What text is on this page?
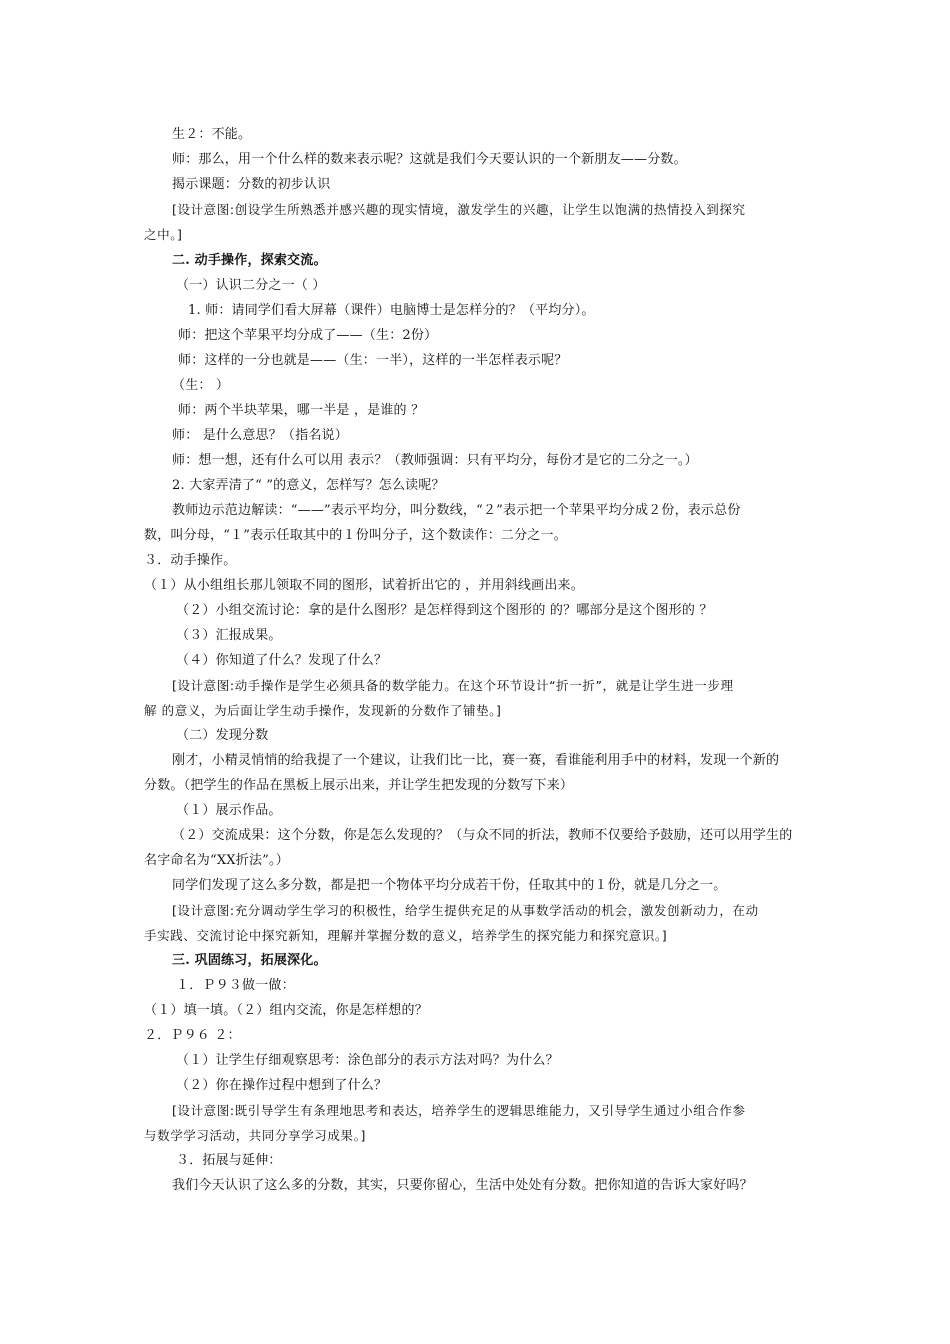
生２：不能。
师：那么，用一个什么样的数来表示呢？这就是我们今天要认识的一个新朋友——分数。
揭示课题：分数的初步认识
[设计意图:创设学生所熟悉并感兴趣的现实情境，激发学生的兴趣，让学生以饱满的热情投入到探究
之中。]
二. 动手操作，探索交流。
（一）认识二分之一（ ）
1. 师：请同学们看大屏幕（课件）电脑博士是怎样分的？（平均分）。
师：把这个苹果平均分成了——（生：2份）
师：这样的一分也就是——（生：一半），这样的一半怎样表示呢？
（生： ）
师：两个半块苹果，哪一半是 ，是谁的 ？
师： 是什么意思？（指名说）
师：想一想，还有什么可以用 表示？（教师强调：只有平均分，每份才是它的二分之一。）
2. 大家弄清了“ ”的意义，怎样写？怎么读呢？
教师边示范边解读：“——”表示平均分，叫分数线，“２”表示把一个苹果平均分成２份，表示总份
数，叫分母，“１”表示任取其中的１份叫分子，这个数读作：二分之一。
３．动手操作。
（１）从小组组长那儿领取不同的图形，试着折出它的 ，并用斜线画出来。
（２）小组交流讨论：拿的是什么图形？是怎样得到这个图形的 的？哪部分是这个图形的 ？
（３）汇报成果。
（４）你知道了什么？发现了什么？
[设计意图:动手操作是学生必须具备的数学能力。在这个环节设计“折一折”，就是让学生进一步理
解 的意义，为后面让学生动手操作，发现新的分数作了铺垫。]
（二）发现分数
刚才，小精灵悄悄的给我提了一个建议，让我们比一比，赛一赛，看谁能利用手中的材料，发现一个新的
分数。（把学生的作品在黑板上展示出来，并让学生把发现的分数写下来）
（１）展示作品。
（２）交流成果：这个分数，你是怎么发现的？（与众不同的折法，教师不仅要给予鼓励，还可以用学生的
名字命名为“XX折法”。）
同学们发现了这么多分数，都是把一个物体平均分成若干份，任取其中的１份，就是几分之一。
[设计意图:充分调动学生学习的积极性，给学生提供充足的从事数学活动的机会，激发创新动力，在动
手实践、交流讨论中探究新知，理解并掌握分数的意义，培养学生的探究能力和探究意识。]
三. 巩固练习，拓展深化。
１．Ｐ９３做一做：
（１）填一填。（２）组内交流，你是怎样想的？
２．Ｐ９６ ２：
（１）让学生仔细观察思考：涂色部分的表示方法对吗？为什么？
（２）你在操作过程中想到了什么？
[设计意图:既引导学生有条理地思考和表达，培养学生的逻辑思维能力，又引导学生通过小组合作参
与数学学习活动，共同分享学习成果。]
３．拓展与延伸：
我们今天认识了这么多的分数，其实，只要你留心，生活中处处有分数。把你知道的告诉大家好吗？
